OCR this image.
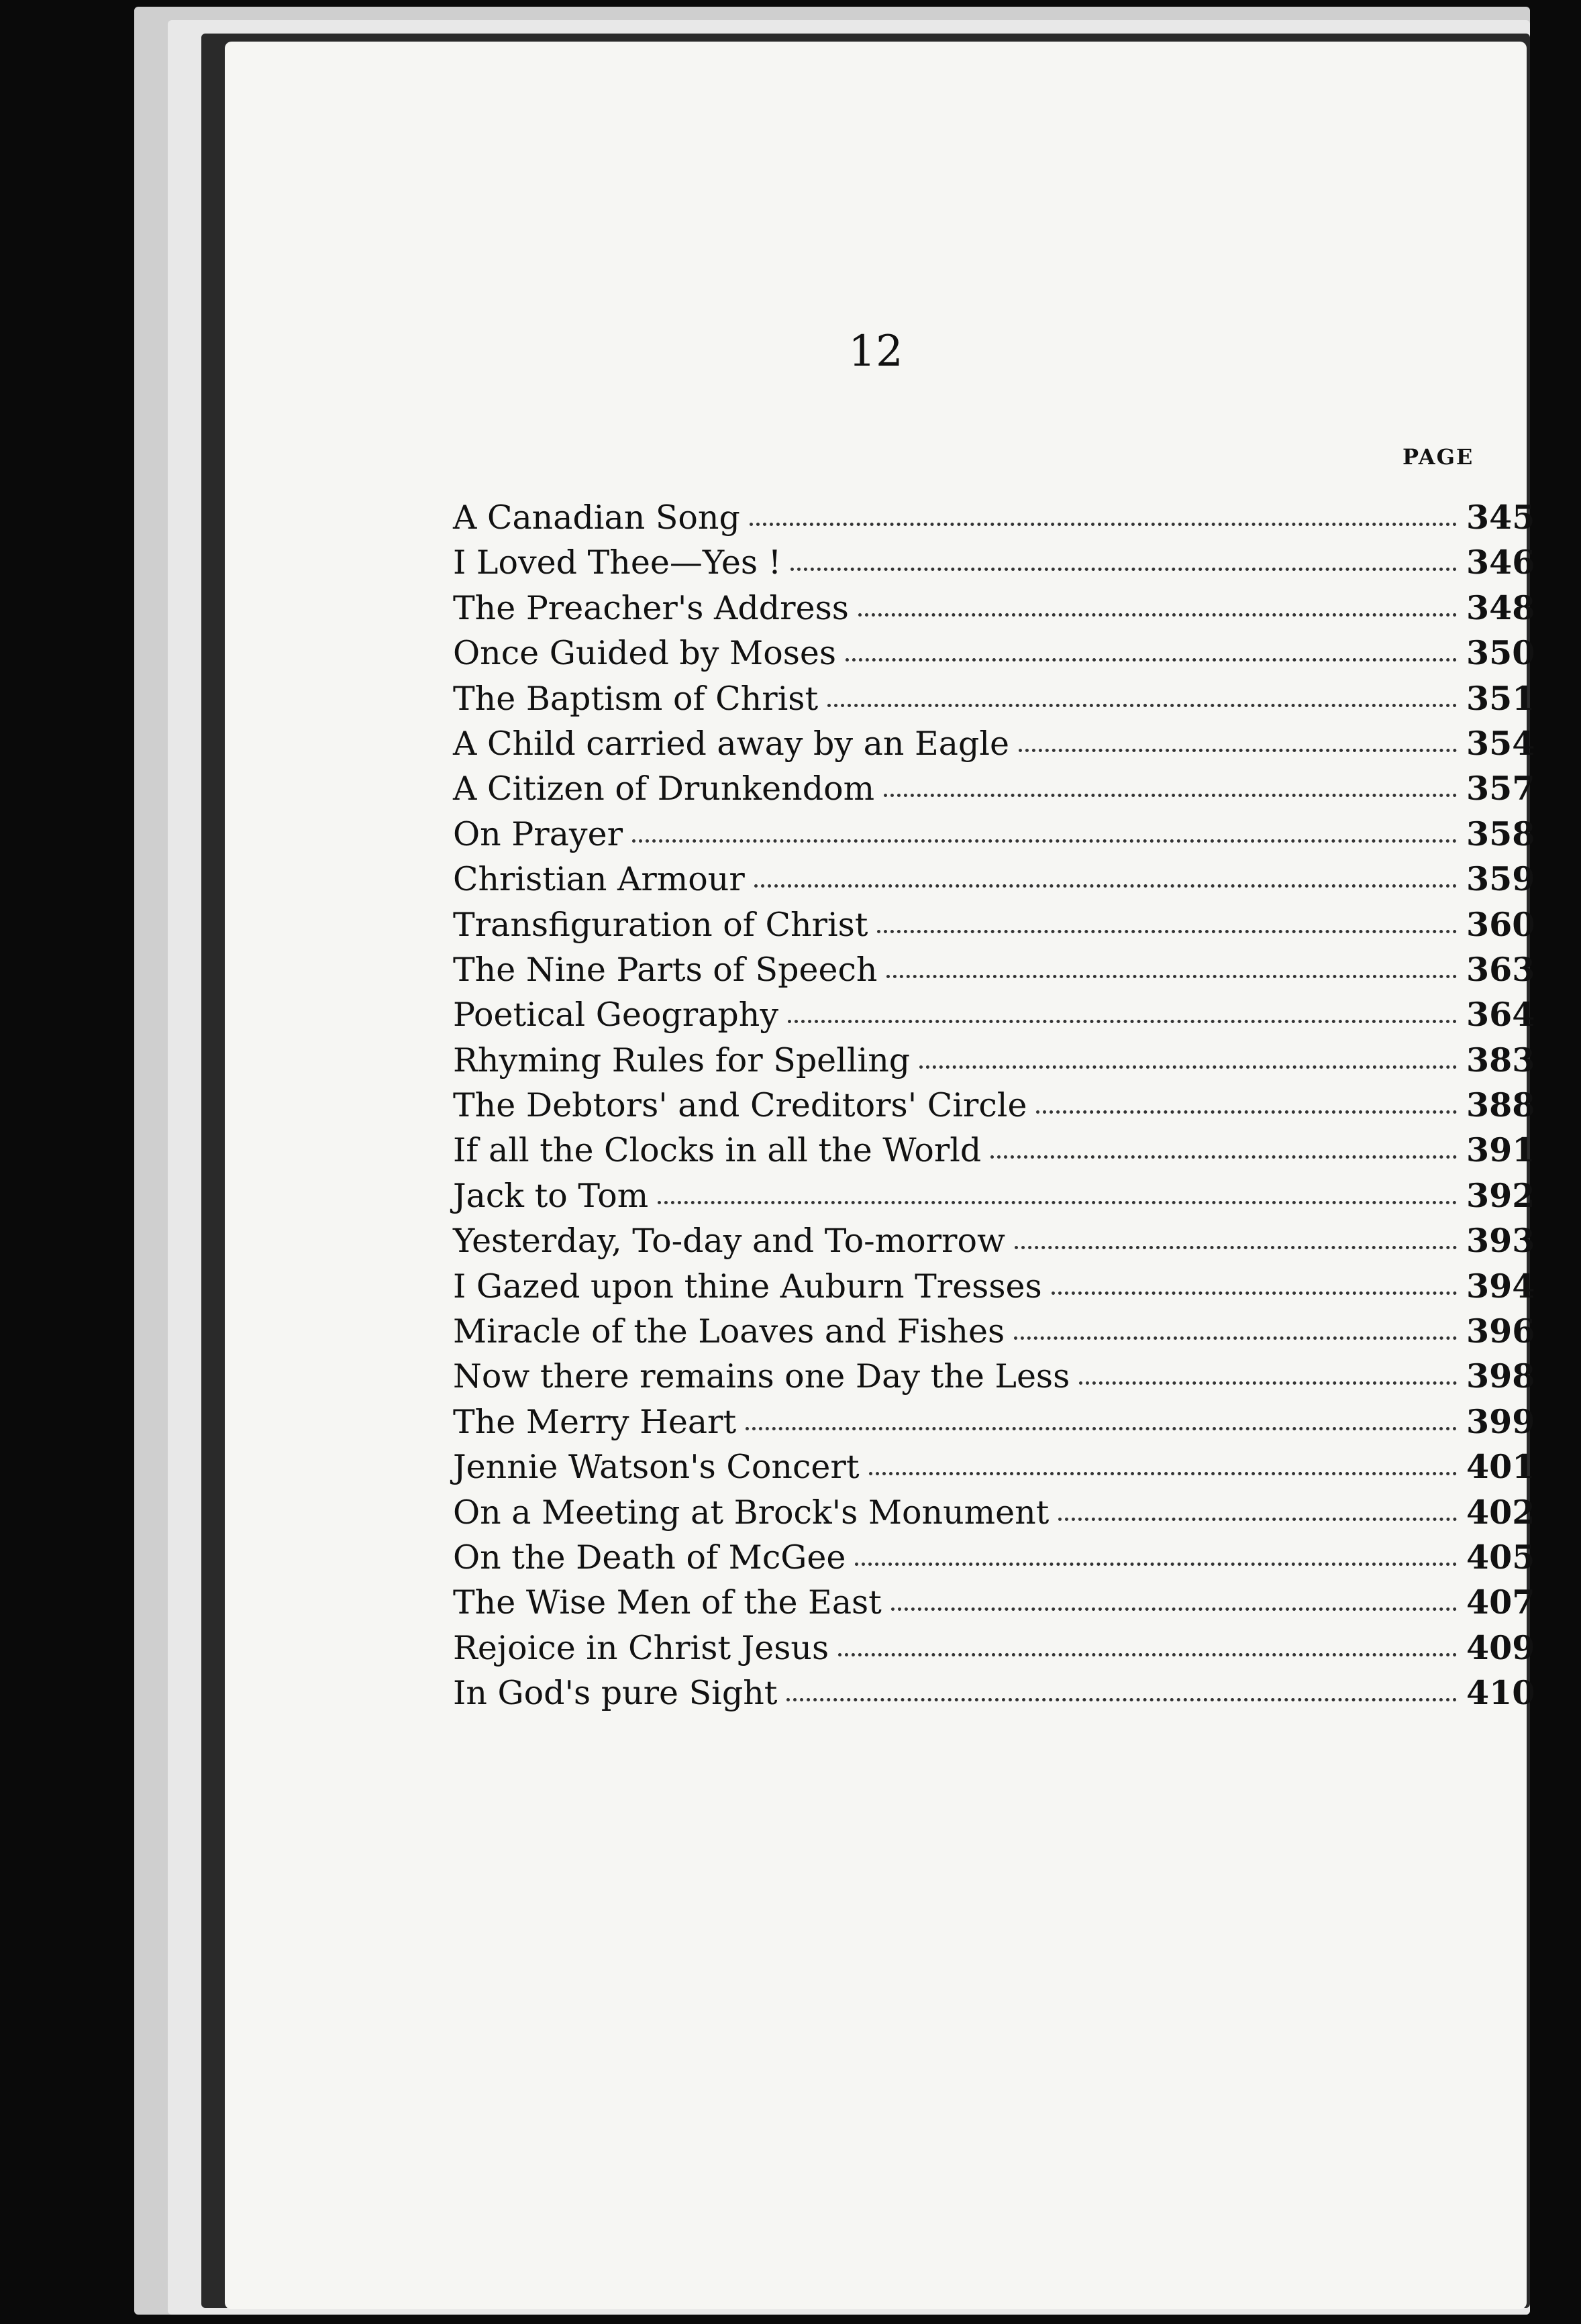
12
PAGE
A Canadian Song	345
I Loved Thee—Yes !	346
The Preacher's Address	348
Once Guided by Moses	350
The Baptism of Christ	351
A Child carried away by an Eagle	354
A Citizen of Drunkendom	357
On Prayer	358
Christian Armour	359
Transfiguration of Christ	360
The Nine Parts of Speech	363
Poetical Geography	364
Rhyming Rules for Spelling	383
The Debtors' and Creditors' Circle	388
If all the Clocks in all the World	391
Jack to Tom	392
Yesterday, To-day and To-morrow	393
I Gazed upon thine Auburn Tresses	394
Miracle of the Loaves and Fishes	396
Now there remains one Day the Less	398
The Merry Heart	399
Jennie Watson's Concert	401
On a Meeting at Brock's Monument	402
On the Death of McGee	405
The Wise Men of the East	407
Rejoice in Christ Jesus	409
In God's pure Sight	410
